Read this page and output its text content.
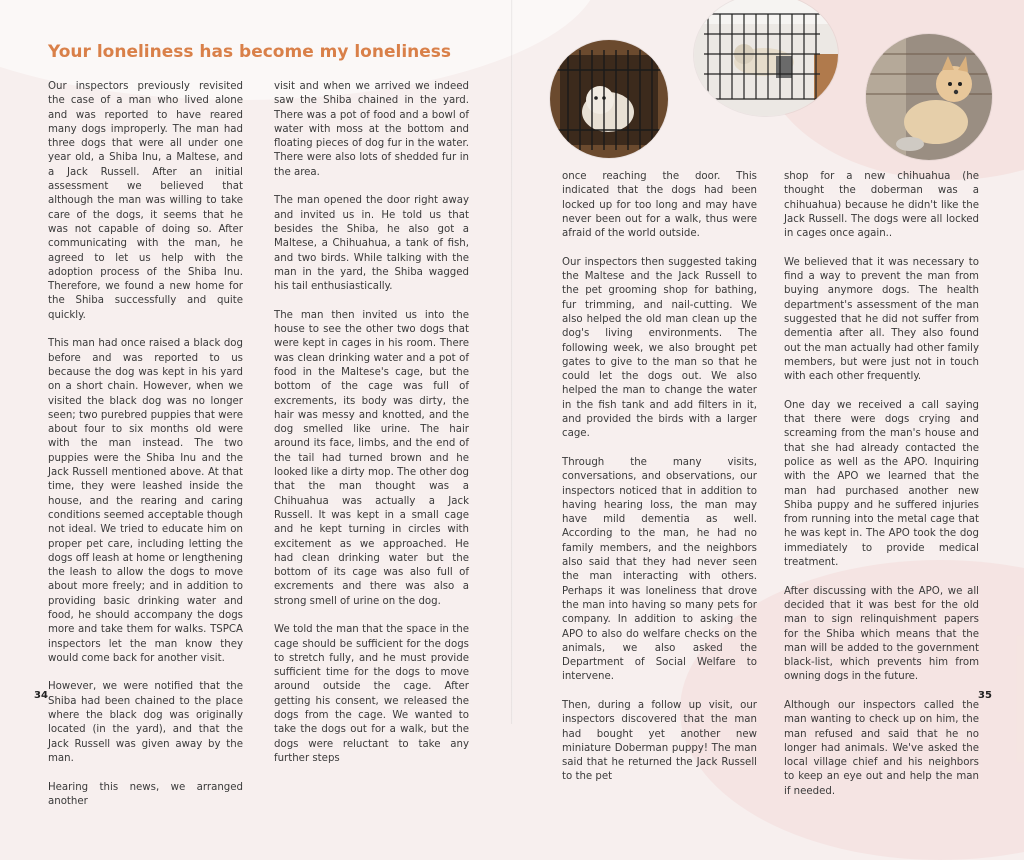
Your loneliness has become my loneliness

Our inspectors previously revisited the case of a man who lived alone and was reported to have reared many dogs improperly. The man had three dogs that were all under one year old, a Shiba Inu, a Maltese, and a Jack Russell. After an initial assessment we believed that although the man was willing to take care of the dogs, it seems that he was not capable of doing so. After communicating with the man, he agreed to let us help with the adoption process of the Shiba Inu. Therefore, we found a new home for the Shiba successfully and quite quickly.

This man had once raised a black dog before and was reported to us because the dog was kept in his yard on a short chain. However, when we visited the black dog was no longer seen; two purebred puppies that were about four to six months old were with the man instead. The two puppies were the Shiba Inu and the Jack Russell mentioned above. At that time, they were leashed inside the house, and the rearing and caring conditions seemed acceptable though not ideal. We tried to educate him on proper pet care, including letting the dogs off leash at home or lengthening the leash to allow the dogs to move about more freely; and in addition to providing basic drinking water and food, he should accompany the dogs more and take them for walks. TSPCA inspectors let the man know they would come back for another visit.

However, we were notified that the Shiba had been chained to the place where the black dog was originally located (in the yard), and that the Jack Russell was given away by the man.

Hearing this news, we arranged another

visit and when we arrived we indeed saw the Shiba chained in the yard. There was a pot of food and a bowl of water with moss at the bottom and floating pieces of dog fur in the water. There were also lots of shedded fur in the area.

The man opened the door right away and invited us in. He told us that besides the Shiba, he also got a Maltese, a Chihuahua, a tank of fish, and two birds. While talking with the man in the yard, the Shiba wagged his tail enthusiastically.

The man then invited us into the house to see the other two dogs that were kept in cages in his room. There was clean drinking water and a pot of food in the Maltese's cage, but the bottom of the cage was full of excrements, its body was dirty, the hair was messy and knotted, and the dog smelled like urine. The hair around its face, limbs, and the end of the tail had turned brown and he looked like a dirty mop. The other dog that the man thought was a Chihuahua was actually a Jack Russell. It was kept in a small cage and he kept turning in circles with excitement as we approached. He had clean drinking water but the bottom of its cage was also full of excrements and there was also a strong smell of urine on the dog.

We told the man that the space in the cage should be sufficient for the dogs to stretch fully, and he must provide sufficient time for the dogs to move around outside the cage. After getting his consent, we released the dogs from the cage. We wanted to take the dogs out for a walk, but the dogs were reluctant to take any further steps

once reaching the door. This indicated that the dogs had been locked up for too long and may have never been out for a walk, thus were afraid of the world outside.

Our inspectors then suggested taking the Maltese and the Jack Russell to the pet grooming shop for bathing, fur trimming, and nail-cutting. We also helped the old man clean up the dog's living environments. The following week, we also brought pet gates to give to the man so that he could let the dogs out. We also helped the man to change the water in the fish tank and add filters in it, and provided the birds with a larger cage.

Through the many visits, conversations, and observations, our inspectors noticed that in addition to having hearing loss, the man may have mild dementia as well. According to the man, he had no family members, and the neighbors also said that they had never seen the man interacting with others. Perhaps it was loneliness that drove the man into having so many pets for company. In addition to asking the APO to also do welfare checks on the animals, we also asked the Department of Social Welfare to intervene.

Then, during a follow up visit, our inspectors discovered that the man had bought yet another new miniature Doberman puppy! The man said that he returned the Jack Russell to the pet

shop for a new chihuahua (he thought the doberman was a chihuahua) because he didn't like the Jack Russell. The dogs were all locked in cages once again..

We believed that it was necessary to find a way to prevent the man from buying anymore dogs. The health department's assessment of the man suggested that he did not suffer from dementia after all. They also found out the man actually had other family members, but were just not in touch with each other frequently.

One day we received a call saying that there were dogs crying and screaming from the man's house and that she had already contacted the police as well as the APO. Inquiring with the APO we learned that the man had purchased another new Shiba puppy and he suffered injuries from running into the metal cage that he was kept in. The APO took the dog immediately to provide medical treatment.

After discussing with the APO, we all decided that it was best for the old man to sign relinquishment papers for the Shiba which means that the man will be added to the government black-list, which prevents him from owning dogs in the future.

Although our inspectors called the man wanting to check up on him, the man refused and said that he no longer had animals. We've asked the local village chief and his neighbors to keep an eye out and help the man if needed.

34	35
